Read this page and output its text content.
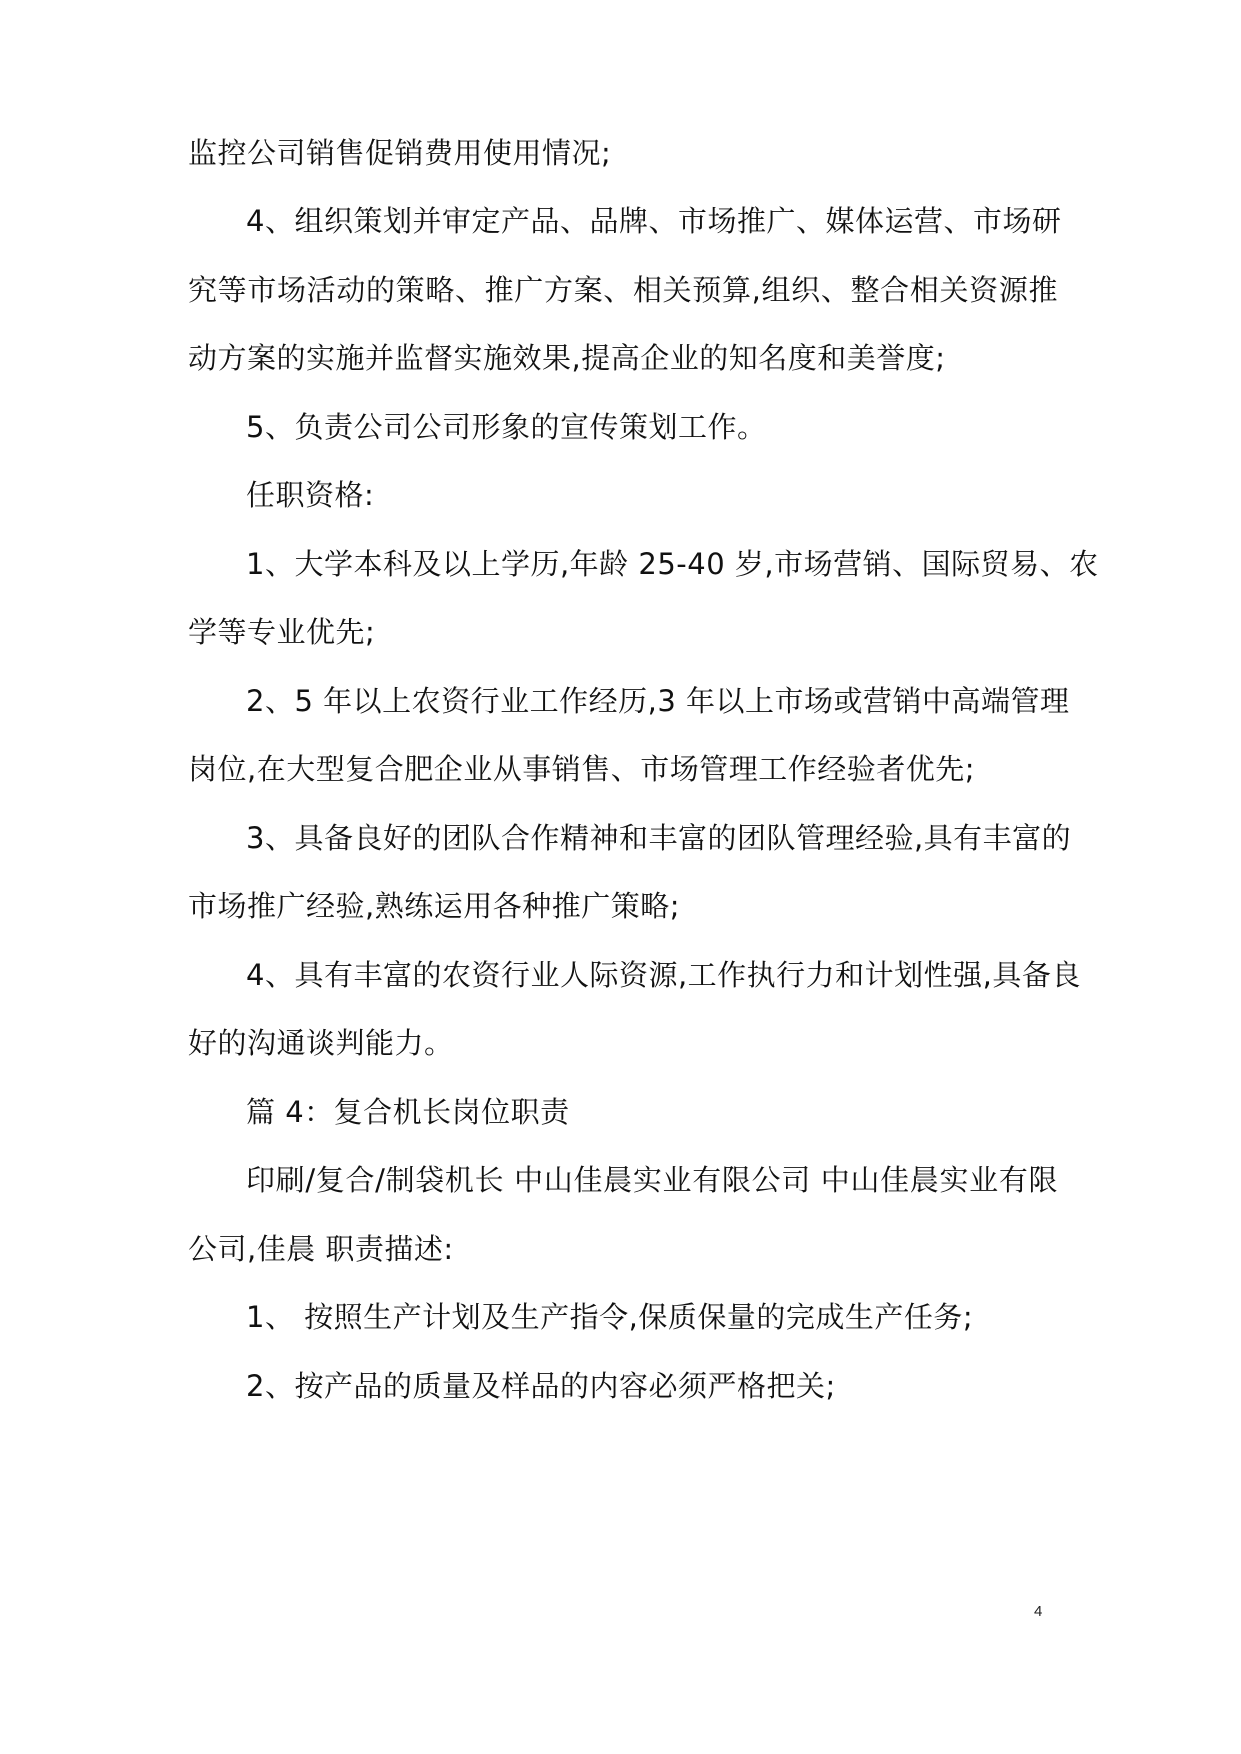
监控公司销售促销费用使用情况;
4、组织策划并审定产品、品牌、市场推广、媒体运营、市场研
究等市场活动的策略、推广方案、相关预算,组织、整合相关资源推
动方案的实施并监督实施效果,提高企业的知名度和美誉度;
5、负责公司公司形象的宣传策划工作。
任职资格:
1、大学本科及以上学历,年龄 25-40 岁,市场营销、国际贸易、农
学等专业优先;
2、5 年以上农资行业工作经历,3 年以上市场或营销中高端管理
岗位,在大型复合肥企业从事销售、市场管理工作经验者优先;
3、具备良好的团队合作精神和丰富的团队管理经验,具有丰富的
市场推广经验,熟练运用各种推广策略;
4、具有丰富的农资行业人际资源,工作执行力和计划性强,具备良
好的沟通谈判能力。
篇 4：复合机长岗位职责
印刷/复合/制袋机长 中山佳晨实业有限公司 中山佳晨实业有限
公司,佳晨 职责描述:
1、 按照生产计划及生产指令,保质保量的完成生产任务;
2、按产品的质量及样品的内容必须严格把关;
4
